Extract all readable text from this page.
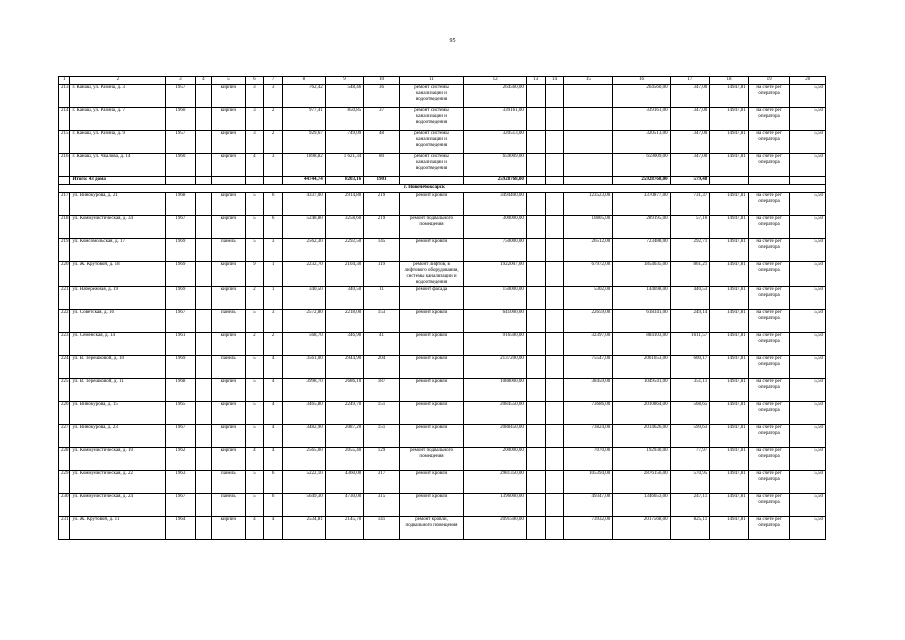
95
1	2	3	4	5	6	7	8	9	10	11	12	13	14	15	16	17	18	19	20
213	г. Канаш, ул. Разина, д. 3	1957		кирпич	3	3	762,42	548,46	36	ремонт системы канализации и водоотведения	264560,00				264560,00	347,00	14947,81	на счете рег оператора	5,50
214	г. Канаш, ул. Разина, д. 7	1960		кирпич	3	2	977,41	850,85	37	ремонт системы канализации и водоотведения	339161,00				339161,00	347,00	14947,81	на счете рег оператора	5,50
215	г. Канаш, ул. Разина, д. 9	1957		кирпич	3	2	929,67	749,09	48	ремонт системы канализации и водоотведения	320513,00				320513,00	347,00	14947,81	на счете рег оператора	5,50
216	г. Канаш, ул. Чкалова, д. 14	1960		кирпич	4	3	1898,82	1 621,34	80	ремонт системы канализации и водоотведения	659009,00				659009,00	347,00	14947,81	на счете рег оператора	5,50
	Итого: 43 дома						44744,74	8203,16	1901		25928768,00				25928768,00	579,48			
г. Новочебоксарск																			
217	ул. Винокурова, д. 21	1968		кирпич	5	6	4337,00	2914,80	219	ремонт кровли	3494400,00			123523,00	3370877,00	731,37	14947,81	на счете рег оператора	5,50
218	ул. Коммунистическая, д. 34	1967		кирпич	5	6	5248,80	3258,60	219	ремонт подвального помещения	300000,00			10805,00	289195,00	57,16	14947,81	на счете рег оператора	5,50
219	ул. Комсомольская, д. 17	1969		панель	5	3	2562,30	2292,50	145	ремонт кровли	750000,00			26512,00	723488,00	292,71	14947,81	на счете рег оператора	5,50
220	ул. Ж. Крутовой, д. 18	1969		кирпич	9	1	2232,70	2104,30	119	ремонт лифтов, в лифтового оборудования, системы канализации и водоотведения	1922007,00			67972,00	1854035,00	861,21	14947,81	на счете рег оператора	5,50
221	ул. Набережная, д. 19	1969		кирпич	2	1	340,50	340,50	11	ремонт фасада	150000,00			5302,00	144698,00	440,53	14947,81	на счете рег оператора	5,50
222	ул. Советская, д. 16	1967		панель	5	3	2572,80	2218,00	153	ремонт кровли	641000,00			22659,00	618341,00	249,14	14947,81	на счете рег оператора	5,50
223	ул. Семенская, д. 14	1961		кирпич	2	2	568,70	346,90	41	ремонт кровли	916500,00			32397,00	884103,00	1611,57	14947,81	на счете рег оператора	5,50
224	ул. В. Терешковой, д. 10	1969		панель	5	4	3561,00	2944,90	204	ремонт кровли	2137200,00			75547,00	2061653,00	600,17	14947,81	на счете рег оператора	5,50
225	ул. В. Терешковой, д. 11	1968		кирпич	5	4	3998,70	2686,10	187	ремонт кровли	1088000,00			38459,00	1049541,00	351,11	14947,81	на счете рег оператора	5,50
226	ул. Винокурова, д. 15	1965		кирпич	5	4	3465,80	2249,70	151	ремонт кровли	2084550,00			73686,00	2010864,00	568,65	14947,81	на счете рег оператора	5,50
227	ул. Винокурова, д. 23	1967		кирпич	5	4	3482,90	2087,20	151	ремонт кровли	2088450,00			73824,00	2014626,00	599,63	14947,81	на счете рег оператора	5,50
228	ул. Коммунистическая, д. 10	1962		кирпич	4	4	2565,00	2055,40	129	ремонт подвального помещения	200000,00			7070,00	192930,00	77,97	14947,81	на счете рег оператора	5,50
229	ул. Коммунистическая, д. 22	1963		панель	5	6	5222,10	4360,00	317	ремонт кровли	2981350,00			105394,00	2876156,00	570,95	14947,81	на счете рег оператора	5,50
230	ул. Коммунистическая, д. 24	1967		панель	5	6	5649,30	4730,00	315	ремонт кровли	1396000,00			49347,00	1346653,00	247,11	14947,81	на счете рег оператора	5,50
231	ул. Ж. Крутовой, д. 11	1964		кирпич	4	4	2534,81	2145,70	141	ремонт кровли, подвального помещения	2091500,00			73932,00	2017568,00	825,11	14947,81	на счете рег оператора	5,50
